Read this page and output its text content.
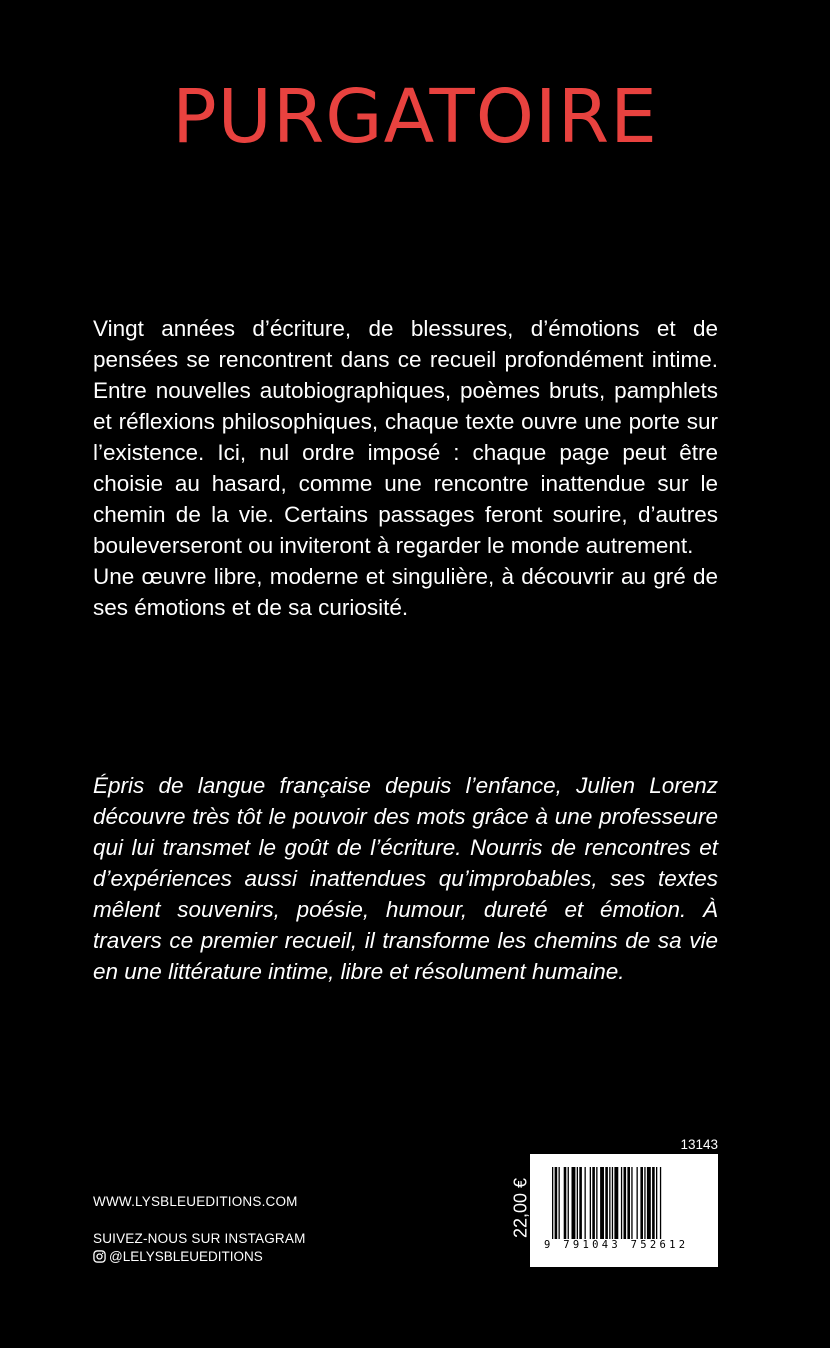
PURGATOIRE

Vingt années d’écriture, de blessures, d’émotions et de pensées se rencontrent dans ce recueil profondément intime. Entre nouvelles autobiographiques, poèmes bruts, pamphlets et réflexions philosophiques, chaque texte ouvre une porte sur l’existence. Ici, nul ordre imposé : chaque page peut être choisie au hasard, comme une rencontre inattendue sur le chemin de la vie. Certains passages feront sourire, d’autres bouleverseront ou inviteront à regarder le monde autrement.

Une œuvre libre, moderne et singulière, à découvrir au gré de ses émotions et de sa curiosité.

Épris de langue française depuis l’enfance, Julien Lorenz découvre très tôt le pouvoir des mots grâce à une professeure qui lui transmet le goût de l’écriture. Nourris de rencontres et d’expériences aussi inattendues qu’improbables, ses textes mêlent souvenirs, poésie, humour, dureté et émotion. À travers ce premier recueil, il transforme les chemins de sa vie en une littérature intime, libre et résolument humaine.

WWW.LYSBLEUEDITIONS.COM
SUIVEZ-NOUS SUR INSTAGRAM
@LELYSBLEUEDITIONS
13143
22,00 €
9 791043 752612
